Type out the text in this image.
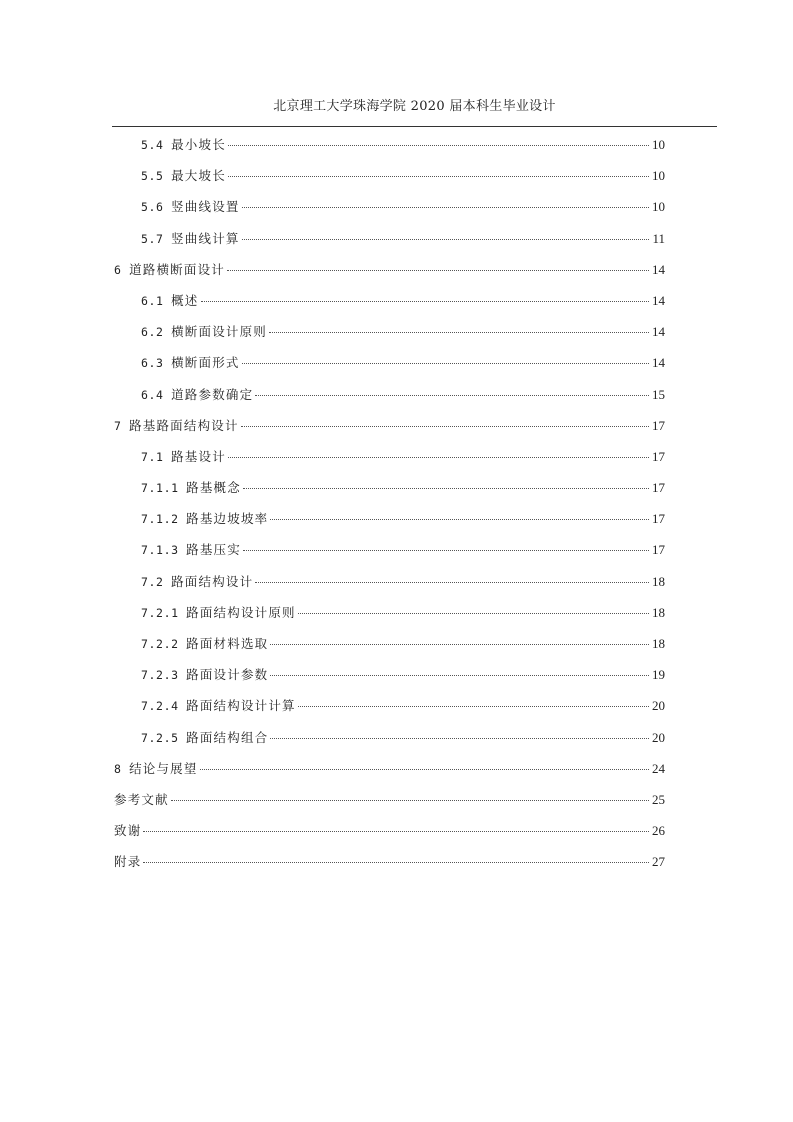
北京理工大学珠海学院 2020 届本科生毕业设计
5.4 最小坡长	10
5.5 最大坡长	10
5.6 竖曲线设置	10
5.7 竖曲线计算	11
6 道路横断面设计	14
6.1 概述	14
6.2 横断面设计原则	14
6.3 横断面形式	14
6.4 道路参数确定	15
7 路基路面结构设计	17
7.1 路基设计	17
7.1.1 路基概念	17
7.1.2 路基边坡坡率	17
7.1.3 路基压实	17
7.2 路面结构设计	18
7.2.1 路面结构设计原则	18
7.2.2 路面材料选取	18
7.2.3 路面设计参数	19
7.2.4 路面结构设计计算	20
7.2.5 路面结构组合	20
8 结论与展望	24
参考文献	25
致谢	26
附录	27
